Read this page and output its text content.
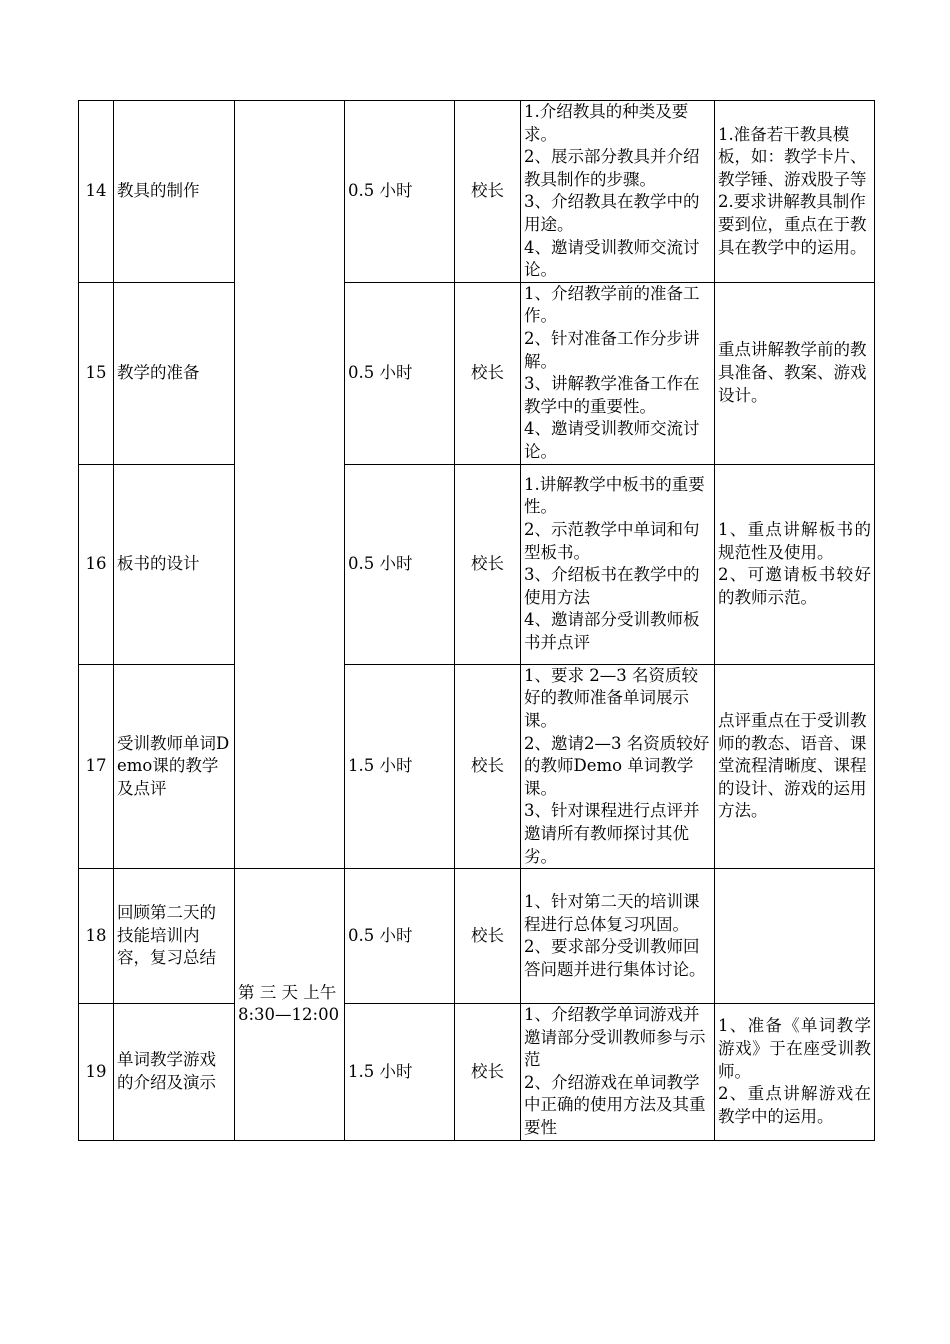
14	教具的制作		0.5 小时	校长	1.介绍教具的种类及要求。
2、展示部分教具并介绍教具制作的步骤。
3、介绍教具在教学中的用途。
4、邀请受训教师交流讨论。	1.准备若干教具模板，如：教学卡片、教学锤、游戏股子等
2.要求讲解教具制作要到位，重点在于教具在教学中的运用。

15	教学的准备		0.5 小时	校长	1、介绍教学前的准备工作。
2、针对准备工作分步讲解。
3、讲解教学准备工作在教学中的重要性。
4、邀请受训教师交流讨论。	重点讲解教学前的教具准备、教案、游戏设计。

16	板书的设计		0.5 小时	校长	1.讲解教学中板书的重要性。
2、示范教学中单词和句型板书。
3、介绍板书在教学中的使用方法
4、邀请部分受训教师板书并点评	1、重点讲解板书的规范性及使用。
2、可邀请板书较好的教师示范。

17	受训教师单词Demo课的教学及点评		1.5 小时	校长	1、要求 2—3 名资质较好的教师准备单词展示课。
2、邀请2—3 名资质较好的教师Demo 单词教学课。
3、针对课程进行点评并邀请所有教师探讨其优劣。	点评重点在于受训教师的教态、语音、课堂流程清晰度、课程的设计、游戏的运用方法。

18	回顾第二天的技能培训内容，复习总结	第 三 天 上午 8:30—12:00	0.5 小时	校长	1、针对第二天的培训课程进行总体复习巩固。
2、要求部分受训教师回答问题并进行集体讨论。	

19	单词教学游戏的介绍及演示		1.5 小时	校长	1、介绍教学单词游戏并邀请部分受训教师参与示范
2、介绍游戏在单词教学中正确的使用方法及其重要性	1、准备《单词教学游戏》于在座受训教师。
2、重点讲解游戏在教学中的运用。
